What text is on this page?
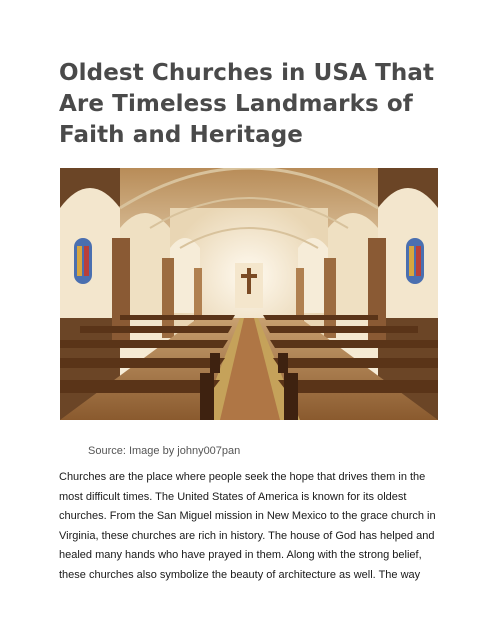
Oldest Churches in USA That Are Timeless Landmarks of Faith and Heritage

Source: Image by johny007pan

Churches are the place where people seek the hope that drives them in the most difficult times. The United States of America is known for its oldest churches. From the San Miguel mission in New Mexico to the grace church in Virginia, these churches are rich in history. The house of God has helped and healed many hands who have prayed in them. Along with the strong belief, these churches also symbolize the beauty of architecture as well. The way
